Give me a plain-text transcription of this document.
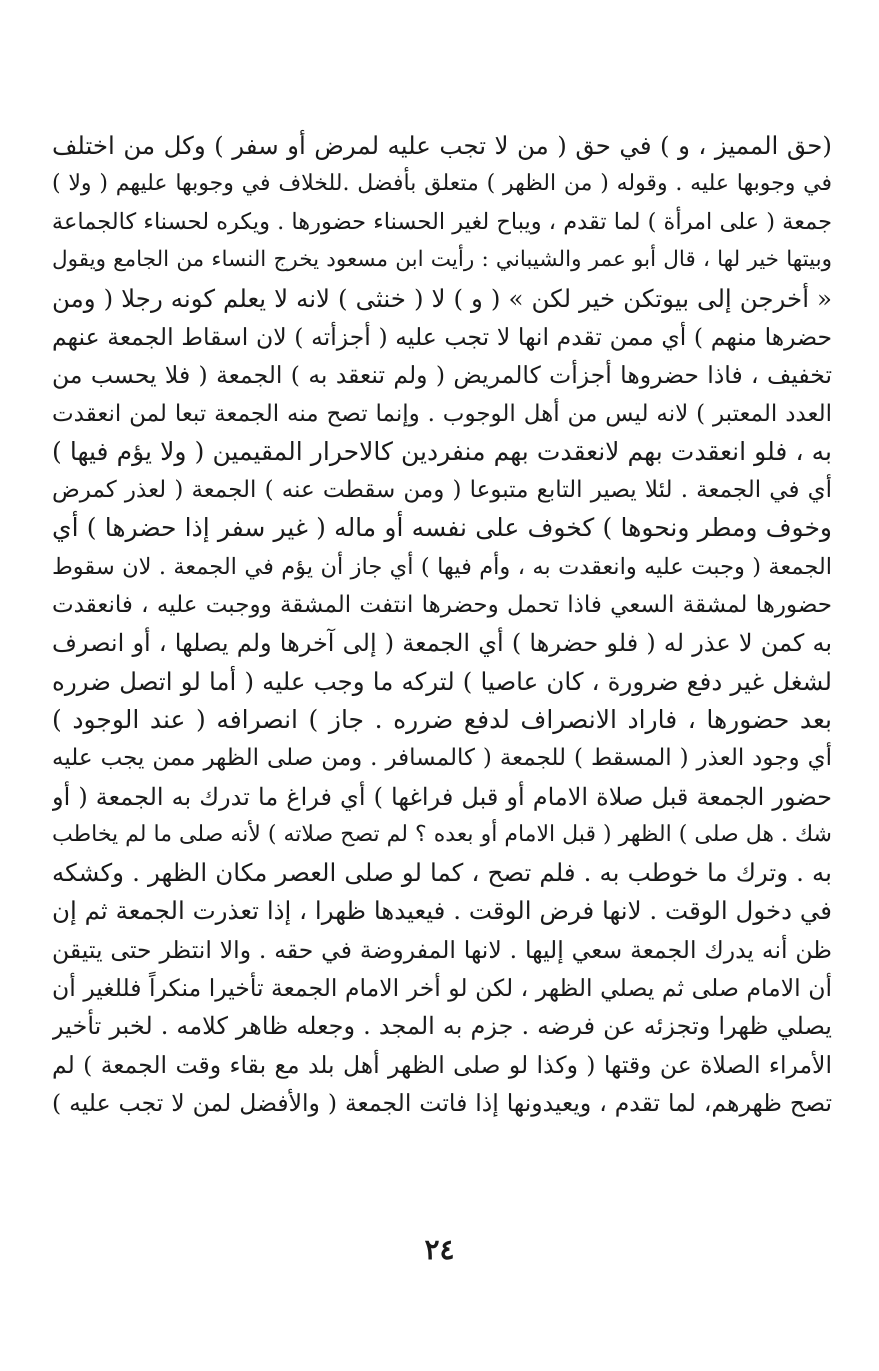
(حق المميز ، و ) في حق ( من لا تجب عليه لمرض أو سفر ) وكل من اختلف
في وجوبها عليه . وقوله ( من الظهر ) متعلق بأفضل .للخلاف في وجوبها عليهم ( ولا )
جمعة ( على امرأة ) لما تقدم ، ويباح لغير الحسناء حضورها . ويكره لحسناء كالجماعة
وبيتها خير لها ، قال أبو عمر والشيباني : رأيت ابن مسعود يخرج النساء من الجامع ويقول
« أخرجن إلى بيوتكن خير لكن » ( و ) لا ( خنثى ) لانه لا يعلم كونه رجلا ( ومن
حضرها منهم ) أي ممن تقدم انها لا تجب عليه ( أجزأته ) لان اسقاط الجمعة عنهم
تخفيف ، فاذا حضروها أجزأت كالمريض ( ولم تنعقد به ) الجمعة ( فلا يحسب من
العدد المعتبر ) لانه ليس من أهل الوجوب . وإنما تصح منه الجمعة تبعا لمن انعقدت
به ، فلو انعقدت بهم لانعقدت بهم منفردين كالاحرار المقيمين ( ولا يؤم فيها )
أي في الجمعة . لئلا يصير التابع متبوعا ( ومن سقطت عنه ) الجمعة ( لعذر كمرض
وخوف ومطر ونحوها ) كخوف على نفسه أو ماله ( غير سفر إذا حضرها ) أي
الجمعة ( وجبت عليه وانعقدت به ، وأم فيها ) أي جاز أن يؤم في الجمعة . لان سقوط
حضورها لمشقة السعي فاذا تحمل وحضرها انتفت المشقة ووجبت عليه ، فانعقدت
به كمن لا عذر له ( فلو حضرها ) أي الجمعة ( إلى آخرها ولم يصلها ، أو انصرف
لشغل غير دفع ضرورة ، كان عاصيا ) لتركه ما وجب عليه ( أما لو اتصل ضرره
بعد حضورها ، فاراد الانصراف لدفع ضرره . جاز ) انصرافه ( عند الوجود )
أي وجود العذر ( المسقط ) للجمعة ( كالمسافر . ومن صلى الظهر ممن يجب عليه
حضور الجمعة قبل صلاة الامام أو قبل فراغها ) أي فراغ ما تدرك به الجمعة ( أو
شك . هل صلى ) الظهر ( قبل الامام أو بعده ؟ لم تصح صلاته ) لأنه صلى ما لم يخاطب
به . وترك ما خوطب به . فلم تصح ، كما لو صلى العصر مكان الظهر . وكشكه
في دخول الوقت . لانها فرض الوقت . فيعيدها ظهرا ، إذا تعذرت الجمعة ثم إن
ظن أنه يدرك الجمعة سعي إليها . لانها المفروضة في حقه . والا انتظر حتى يتيقن
أن الامام صلى ثم يصلي الظهر ، لكن لو أخر الامام الجمعة تأخيرا منكراً فللغير أن
يصلي ظهرا وتجزئه عن فرضه . جزم به المجد . وجعله ظاهر كلامه . لخبر تأخير
الأمراء الصلاة عن وقتها ( وكذا لو صلى الظهر أهل بلد مع بقاء وقت الجمعة ) لم
تصح ظهرهم، لما تقدم ، ويعيدونها إذا فاتت الجمعة ( والأفضل لمن لا تجب عليه )
٢٤
